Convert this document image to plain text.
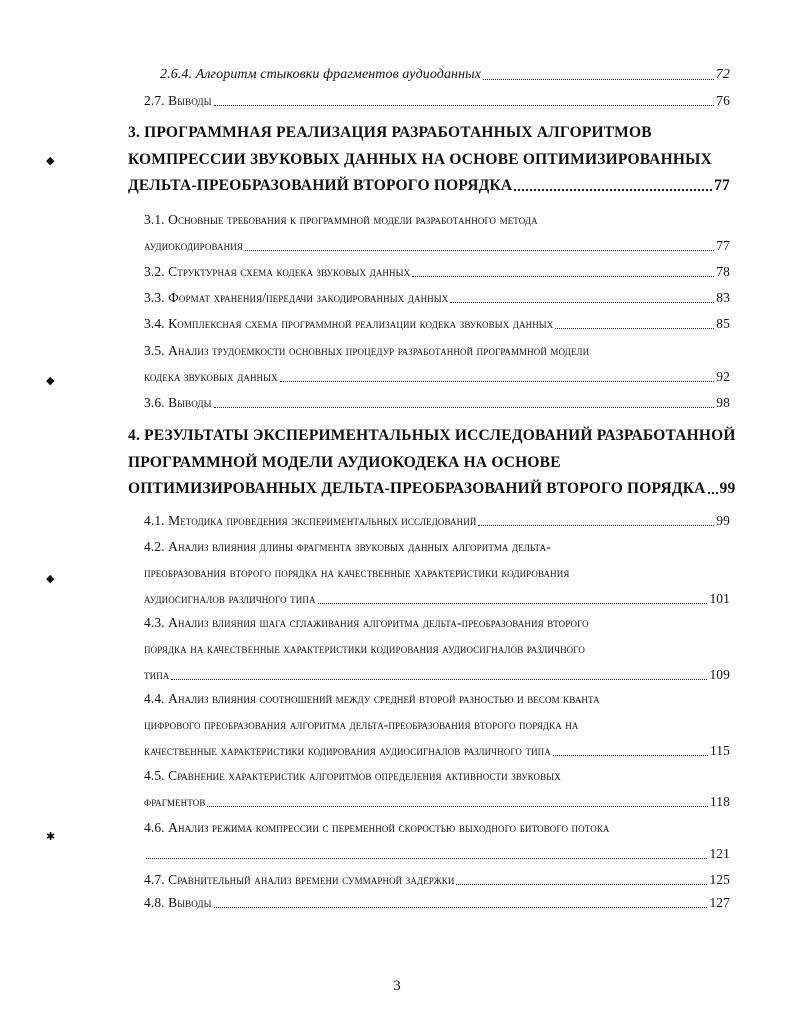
2.6.4. Алгоритм стыковки фрагментов аудиоданных	72
2.7. Выводы	76
3. ПРОГРАММНАЯ РЕАЛИЗАЦИЯ РАЗРАБОТАННЫХ АЛГОРИТМОВ
КОМПРЕССИИ ЗВУКОВЫХ ДАННЫХ НА ОСНОВЕ ОПТИМИЗИРОВАННЫХ
ДЕЛЬТА-ПРЕОБРАЗОВАНИЙ ВТОРОГО ПОРЯДКА	77
3.1. Основные требования к программной модели разработанного метода
аудиокодирования	77
3.2. Структурная схема кодека звуковых данных	78
3.3. Формат хранения/передачи закодированных данных	83
3.4. Комплексная схема программной реализации кодека звуковых данных	85
3.5. Анализ трудоемкости основных процедур разработанной программной модели
кодека звуковых данных	92
3.6. Выводы	98
4. РЕЗУЛЬТАТЫ ЭКСПЕРИМЕНТАЛЬНЫХ ИССЛЕДОВАНИЙ РАЗРАБОТАННОЙ
ПРОГРАММНОЙ МОДЕЛИ АУДИОКОДЕКА НА ОСНОВЕ
ОПТИМИЗИРОВАННЫХ ДЕЛЬТА-ПРЕОБРАЗОВАНИЙ ВТОРОГО ПОРЯДКА 99
4.1. Методика проведения экспериментальных исследований	99
4.2. Анализ влияния длины фрагмента звуковых данных алгоритма дельта-
преобразования второго порядка на качественные характеристики кодирования
аудиосигналов различного типа	101
4.3. Анализ влияния шага сглаживания алгоритма дельта-преобразования второго
порядка на качественные характеристики кодирования аудиосигналов различного
типа	109
4.4. Анализ влияния соотношений между средней второй разностью и весом кванта
цифрового преобразования алгоритма дельта-преобразования второго порядка на
качественные характеристики кодирования аудиосигналов различного типа	115
4.5. Сравнение характеристик алгоритмов определения активности звуковых
фрагментов	118
4.6. Анализ режима компрессии с переменной скоростью выходного битового потока
121
4.7. Сравнительный анализ времени суммарной задержки	125
4.8. Выводы	127
◆
◆
◆
✱
3
